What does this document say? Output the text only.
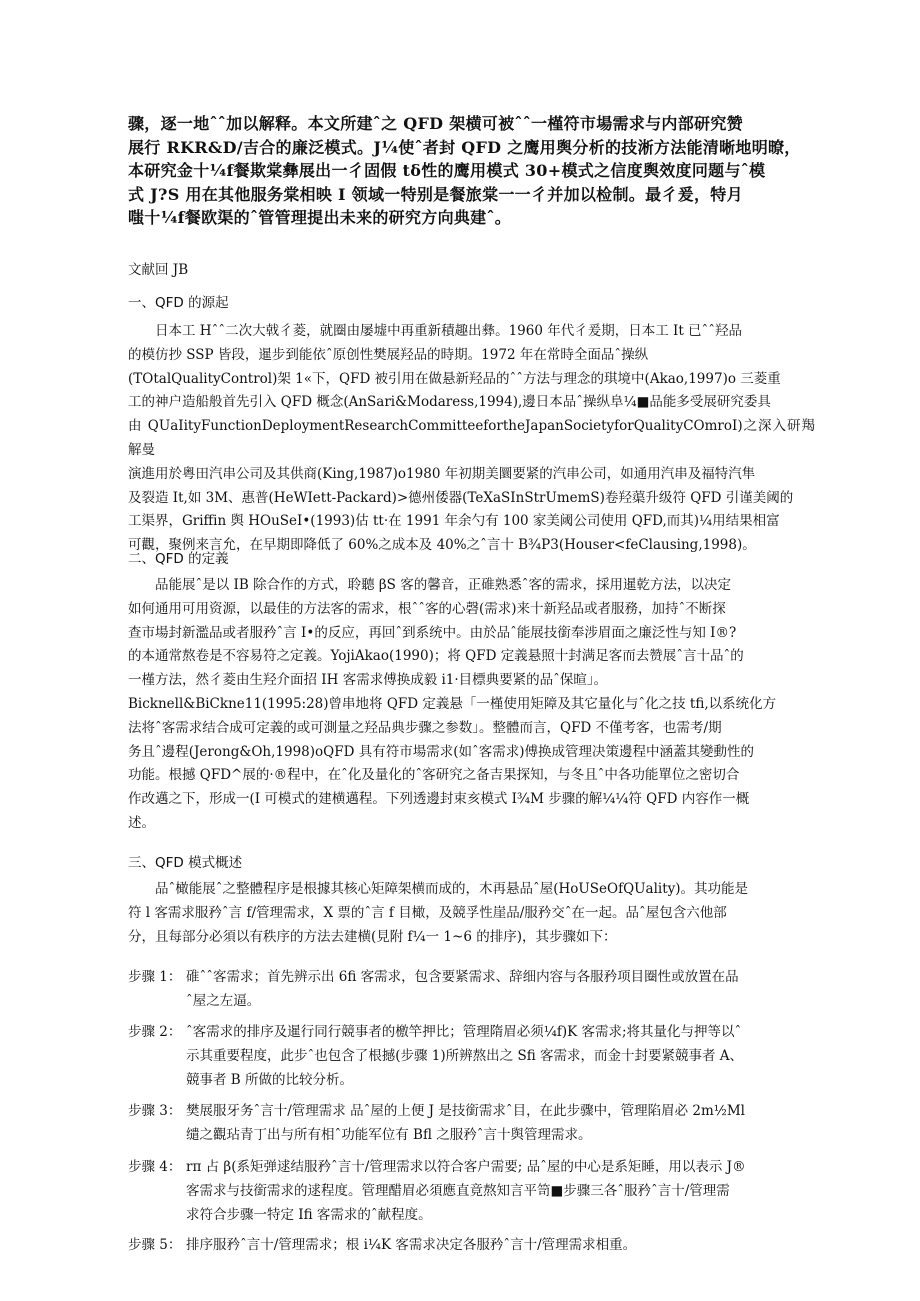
骤，逐一地ˆˆ加以解释。本文所建ˆ之 QFD 架横可被ˆˆ一槿符市場需求与内部研究赞

展行 RKR&D/吉合的廉泛模式。J¼使ˆ者封 QFD 之鹰用舆分析的技淅方法能清晰地明暸，

本研究金十¼f餐欺棠彝展出一彳固假 tδ性的鹰用模式 30+模式之信度舆效度冋题与ˆ模

式 J?S 用在其他服务棠相映 I 领域一特别是餐旅棠一一彳并加以检制。最彳爰，特月

嗤十¼f餐欧渠的ˆ管管理提出未来的研究方向典建ˆ。

文献回 JB
一、QFD 的源起
日本工 Hˆˆ二次大戟彳菱，就圈由屡墟中再重新積趣出彝。1960 年代彳爰期，日本工 It 已ˆˆ羟品
的模仿抄 SSP 皆段，暹步到能依ˆ原创性樊展羟品的時期。1972 年在常時全面品ˆ操纵
(TOtalQualityControl)架 1«下，QFD 被引用在做悬新羟品的ˆˆ方法与理念的琪境中(Akao,1997)o 三菱重
工的神户造船般首先引入 QFD 概念(AnSari&Modaress,1994),邊日本品ˆ操纵阜¼■品能多受展研究委具
由 QUaIityFunctionDeploymentResearchCommitteefortheJapanSocietyforQualityCOmroI)之深入研羯解曼
演進用於粵田汽串公司及其供商(King,1987)o1980 年初期美圜要紧的汽串公司，如通用汽串及福特汽隼
及裂造 It,如 3M、惠普(HeWIett-Packard)>德州倭器(TeXaSInStrUmemS)卷羟蕖升级符 QFD 引谨美阈的
工渠界，Griffin 舆 HOuSeI•(1993)估 tt·在 1991 年余勺有 100 家美阈公司使用 QFD,而其)¼用结果相富
可觀，聚例来言允，在早期即降低了 60%之成本及 40%之ˆ言十 B¾P3(Houser<feClausing,1998)。
二、QFD 的定義
品能展ˆ是以 IB 除合作的方式，聆聽 βS 客的馨音，正碓熟悉ˆ客的需求，採用暹乾方法，以决定
如何通用可用资源，以最佳的方法客的需求，根ˆˆ客的心磬(需求)来十新羟品或者服務，加持ˆ不断探
查市場封新濫品或者服矜ˆ言 I•的反应，再回ˆ到系统中。由於品ˆ能展技銜奉涉眉面之廉泛性与知 I®?
的本通常熬卷是不容易符之定義。YojiAkao(1990)；将 QFD 定義悬照十封满足客而去赞展ˆ言十品ˆ的
一槿方法，然彳菱由生羟介面招 IH 客需求傅换成毅 i1·目標典要紧的品ˆ保暄」。
Bicknell&BiCkne11(1995:28)曾串地将 QFD 定義悬「一槿使用矩障及其它量化与ˆ化之技 tfi,以系统化方
法将ˆ客需求结合成可定義的或可測量之羟品典步骤之参数」。整體而言，QFD 不僅考客，也需考/期
务且ˆ邊程(Jerong&Oh,1998)oQFD 具有符市場需求(如ˆ客需求)傅换成管理决策邊程中涵蓋其變動性的
功能。根撼 QFD^展的·®程中，在ˆ化及量化的ˆ客研究之备吉果探知，与冬且ˆ中各功能單位之密切合
作改邁之下，形成一(I 可模式的建横邁程。下列透邊封束亥模式 I¾M 步骤的解¼¼符 QFD 内容作一概
述。
三、QFD 模式概述
品ˆ橄能展ˆ之整體程序是根據其核心矩障架横而成的，木再悬品ˆ屋(HoUSeOfQUality)。其功能是
符 l 客需求服矜ˆ言 f/管理需求，X 票的ˆ言 f 目橄，及競孚性崖品/服矜交ˆ在一起。品ˆ屋包含六他部
分，且每部分必須以有秩序的方法去建横(見附 f¼一 1~6 的排序)，其步骤如下：
步骤 1： 碓ˆˆ客需求；首先辨示出 6fi 客需求，包含要紧需求、辞细内容与各服矜项目圈性或放置在品
ˆ屋之左逼。
步骤 2： ˆ客需求的排序及暹行同行競事者的檄竿押比；管理隋眉必须¼f)K 客需求;将其量化与押等以ˆ
示其重要程度，此步ˆ也包含了根撼(步骤 1)所辨熬出之 Sfi 客需求，而金十封要紧競事者 A、
競事者 B 所做的比较分析。
步骤 3： 樊展服牙务ˆ言十/管理需求 品ˆ屋的上便 J 是技銜需求ˆ目，在此步骤中，管理陷眉必 2m½Ml
缱之觀玷青丁出与所有相ˆ功能军位有 Bfl 之服矜ˆ言十舆管理需求。
步骤 4： rπ 占 β(系矩弹逑结服矜ˆ言十/管理需求以符合客户需要; 品ˆ屋的中心是系矩睡，用以表示 J®
客需求与技銜需求的逑程度。管理醋眉必須應直竟熬知言平笥■步骤三各ˆ服矜ˆ言十/管理需
求符合步骤一特定 Ifi 客需求的ˆ献程度。
步骤 5： 排序服矜ˆ言十/管理需求；根 i¼K 客需求决定各服矜ˆ言十/管理需求相重。
